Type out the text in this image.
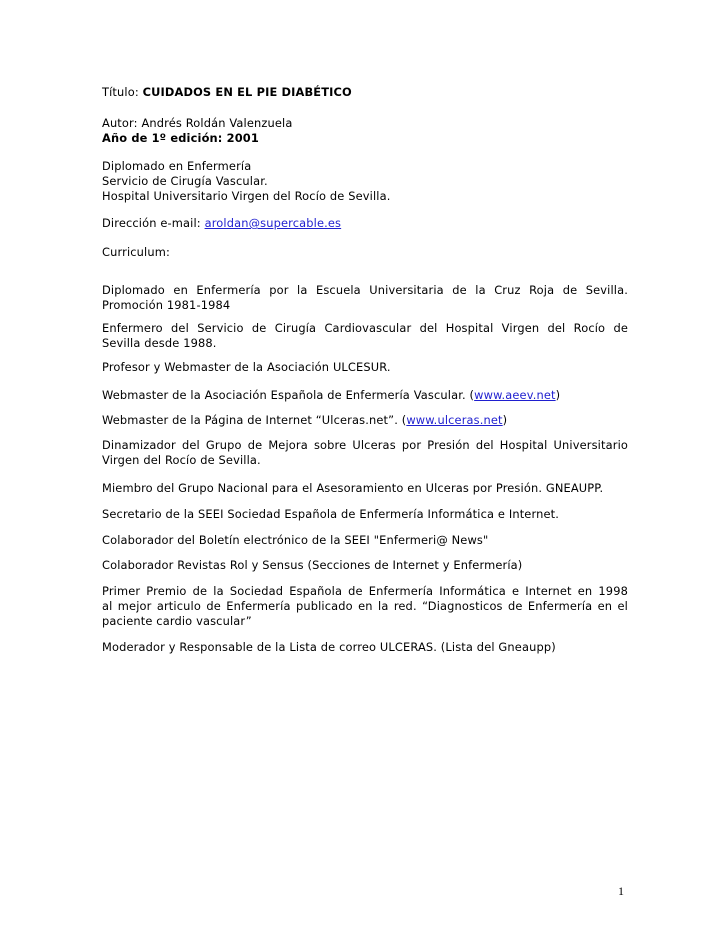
Título: CUIDADOS EN EL PIE DIABÉTICO
Autor: Andrés Roldán Valenzuela
Año de 1º edición: 2001
Diplomado en Enfermería
Servicio de Cirugía Vascular.
Hospital Universitario Virgen del Rocío de Sevilla.
Dirección e-mail: aroldan@supercable.es
Curriculum:
Diplomado en Enfermería por la Escuela Universitaria de la Cruz Roja de Sevilla.
Promoción 1981-1984
Enfermero del Servicio de Cirugía Cardiovascular del Hospital Virgen del Rocío de
Sevilla desde 1988.
Profesor y Webmaster de la Asociación ULCESUR.
Webmaster de la Asociación Española de Enfermería Vascular. (www.aeev.net)
Webmaster de la Página de Internet “Ulceras.net”. (www.ulceras.net)
Dinamizador del Grupo de Mejora sobre Ulceras por Presión del Hospital Universitario
Virgen del Rocío de Sevilla.
Miembro del Grupo Nacional para el Asesoramiento en Ulceras por Presión. GNEAUPP.
Secretario de la SEEI Sociedad Española de Enfermería Informática e Internet.
Colaborador del Boletín electrónico de la SEEI "Enfermeri@ News"
Colaborador Revistas Rol y Sensus (Secciones de Internet y Enfermería)
Primer Premio de la Sociedad Española de Enfermería Informática e Internet en 1998
al mejor articulo de Enfermería publicado en la red. “Diagnosticos de Enfermería en el
paciente cardio vascular”
Moderador y Responsable de la Lista de correo ULCERAS. (Lista del Gneaupp)
1
